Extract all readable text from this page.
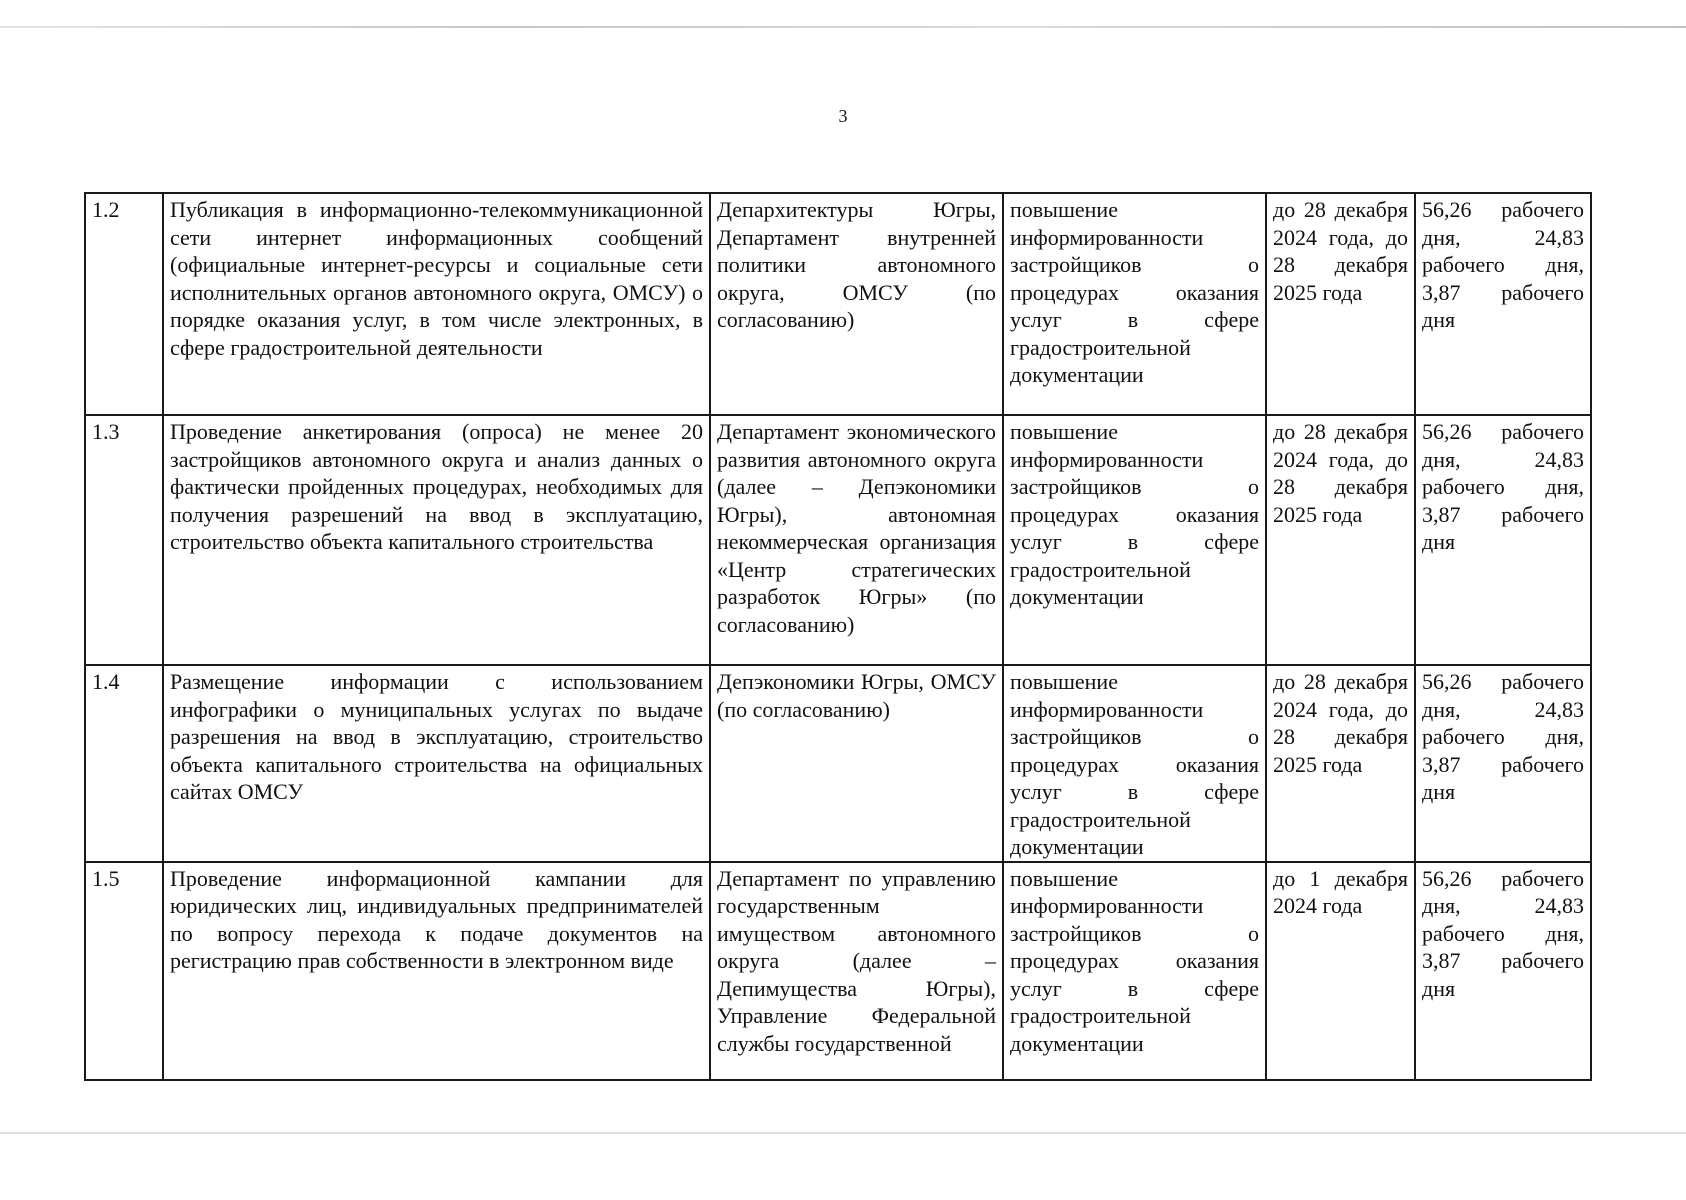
3
1.2	Публикация в информационно-телекоммуникационной сети интернет информационных сообщений (официальные интернет-ресурсы и социальные сети исполнительных органов автономного округа, ОМСУ) о порядке оказания услуг, в том числе электронных, в сфере градостроительной деятельности	Депархитектуры Югры, Департамент внутренней политики автономного округа, ОМСУ (по согласованию)	повышение информированности застройщиков о процедурах оказания услуг в сфере градостроительной документации	до 28 декабря 2024 года, до 28 декабря 2025 года	56,26 рабочего дня, 24,83 рабочего дня, 3,87 рабочего дня
1.3	Проведение анкетирования (опроса) не менее 20 застройщиков автономного округа и анализ данных о фактически пройденных процедурах, необходимых для получения разрешений на ввод в эксплуатацию, строительство объекта капитального строительства	Департамент экономического развития автономного округа (далее – Депэкономики Югры), автономная некоммерческая организация «Центр стратегических разработок Югры» (по согласованию)	повышение информированности застройщиков о процедурах оказания услуг в сфере градостроительной документации	до 28 декабря 2024 года, до 28 декабря 2025 года	56,26 рабочего дня, 24,83 рабочего дня, 3,87 рабочего дня
1.4	Размещение информации с использованием инфографики о муниципальных услугах по выдаче разрешения на ввод в эксплуатацию, строительство объекта капитального строительства на официальных сайтах ОМСУ	Депэкономики Югры, ОМСУ (по согласованию)	повышение информированности застройщиков о процедурах оказания услуг в сфере градостроительной документации	до 28 декабря 2024 года, до 28 декабря 2025 года	56,26 рабочего дня, 24,83 рабочего дня, 3,87 рабочего дня
1.5	Проведение информационной кампании для юридических лиц, индивидуальных предпринимателей по вопросу перехода к подаче документов на регистрацию прав собственности в электронном виде	Департамент по управлению государственным имуществом автономного округа (далее – Депимущества Югры), Управление Федеральной службы государственной	повышение информированности застройщиков о процедурах оказания услуг в сфере градостроительной документации	до 1 декабря 2024 года	56,26 рабочего дня, 24,83 рабочего дня, 3,87 рабочего дня
